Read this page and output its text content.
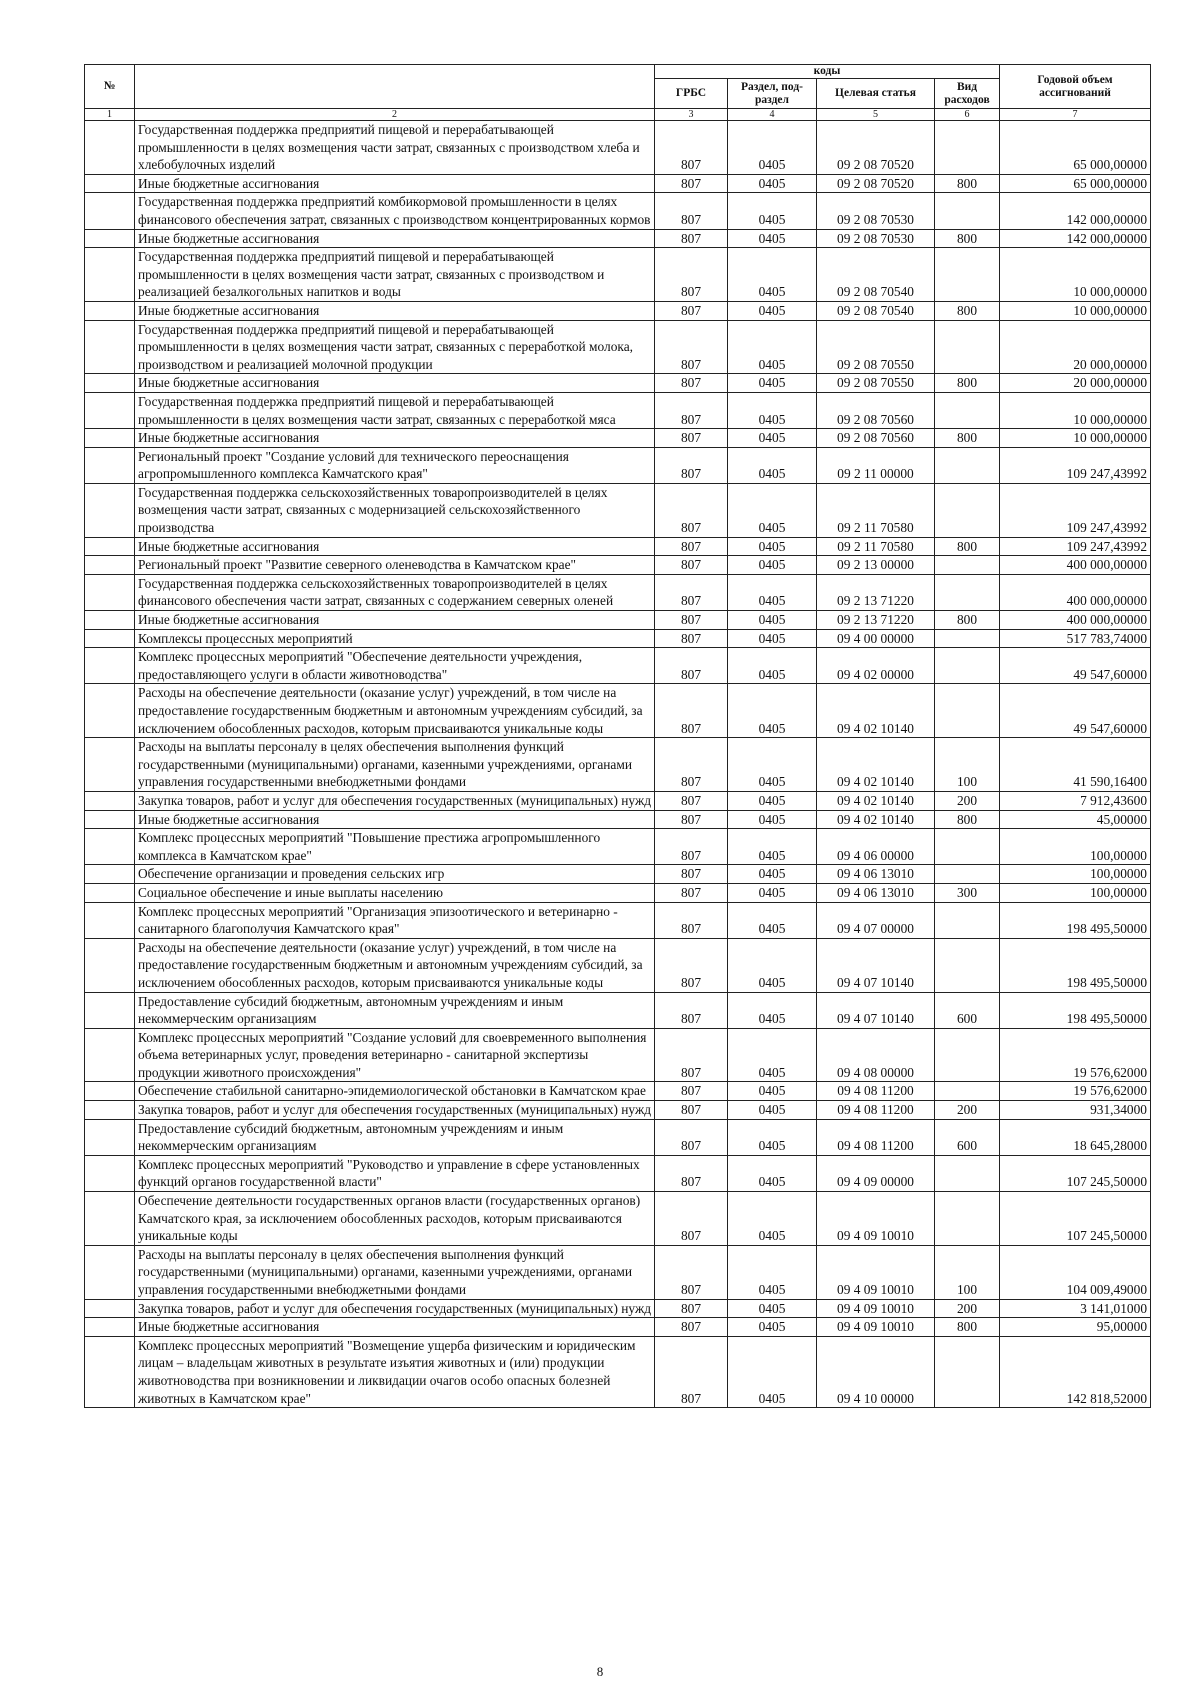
№		коды				Годовой объем ассигнований
		ГРБС	Раздел, под-раздел	Целевая статья	Вид расходов	
1	2	3	4	5	6	7
	Государственная поддержка предприятий пищевой и перерабатывающей промышленности в целях возмещения части затрат, связанных с производством хлеба и хлебобулочных изделий	807	0405	09 2 08 70520		65 000,00000
	Иные бюджетные ассигнования	807	0405	09 2 08 70520	800	65 000,00000
	Государственная поддержка предприятий комбикормовой промышленности в целях финансового обеспечения затрат, связанных с производством концентрированных кормов	807	0405	09 2 08 70530		142 000,00000
	Иные бюджетные ассигнования	807	0405	09 2 08 70530	800	142 000,00000
	Государственная поддержка предприятий пищевой и перерабатывающей промышленности в целях возмещения части затрат, связанных с производством и реализацией безалкогольных напитков и воды	807	0405	09 2 08 70540		10 000,00000
	Иные бюджетные ассигнования	807	0405	09 2 08 70540	800	10 000,00000
	Государственная поддержка предприятий пищевой и перерабатывающей промышленности в целях возмещения части затрат, связанных с переработкой молока, производством и реализацией молочной продукции	807	0405	09 2 08 70550		20 000,00000
	Иные бюджетные ассигнования	807	0405	09 2 08 70550	800	20 000,00000
	Государственная поддержка предприятий пищевой и перерабатывающей промышленности в целях возмещения части затрат, связанных с переработкой мяса	807	0405	09 2 08 70560		10 000,00000
	Иные бюджетные ассигнования	807	0405	09 2 08 70560	800	10 000,00000
	Региональный проект "Создание условий для технического переоснащения агропромышленного комплекса Камчатского края"	807	0405	09 2 11 00000		109 247,43992
	Государственная поддержка сельскохозяйственных товаропроизводителей в целях возмещения части затрат, связанных с модернизацией сельскохозяйственного производства	807	0405	09 2 11 70580		109 247,43992
	Иные бюджетные ассигнования	807	0405	09 2 11 70580	800	109 247,43992
	Региональный проект "Развитие северного оленеводства в Камчатском крае"	807	0405	09 2 13 00000		400 000,00000
	Государственная поддержка сельскохозяйственных товаропроизводителей в целях финансового обеспечения части затрат, связанных с содержанием северных оленей	807	0405	09 2 13 71220		400 000,00000
	Иные бюджетные ассигнования	807	0405	09 2 13 71220	800	400 000,00000
	Комплексы процессных мероприятий	807	0405	09 4 00 00000		517 783,74000
	Комплекс процессных мероприятий "Обеспечение деятельности учреждения, предоставляющего услуги в области животноводства"	807	0405	09 4 02 00000		49 547,60000
	Расходы на обеспечение деятельности (оказание услуг) учреждений, в том числе на предоставление государственным бюджетным и автономным учреждениям субсидий, за исключением обособленных расходов, которым присваиваются уникальные коды	807	0405	09 4 02 10140		49 547,60000
	Расходы на выплаты персоналу в целях обеспечения выполнения функций государственными (муниципальными) органами, казенными учреждениями, органами управления государственными внебюджетными фондами	807	0405	09 4 02 10140	100	41 590,16400
	Закупка товаров, работ и услуг для обеспечения государственных (муниципальных) нужд	807	0405	09 4 02 10140	200	7 912,43600
	Иные бюджетные ассигнования	807	0405	09 4 02 10140	800	45,00000
	Комплекс процессных мероприятий "Повышение престижа агропромышленного комплекса в Камчатском крае"	807	0405	09 4 06 00000		100,00000
	Обеспечение организации и проведения сельских игр	807	0405	09 4 06 13010		100,00000
	Социальное обеспечение и иные выплаты населению	807	0405	09 4 06 13010	300	100,00000
	Комплекс процессных мероприятий "Организация эпизоотического и ветеринарно - санитарного благополучия Камчатского края"	807	0405	09 4 07 00000		198 495,50000
	Расходы на обеспечение деятельности (оказание услуг) учреждений, в том числе на предоставление государственным бюджетным и автономным учреждениям субсидий, за исключением обособленных расходов, которым присваиваются уникальные коды	807	0405	09 4 07 10140		198 495,50000
	Предоставление субсидий бюджетным, автономным учреждениям и иным некоммерческим организациям	807	0405	09 4 07 10140	600	198 495,50000
	Комплекс процессных мероприятий "Создание условий для своевременного выполнения объема ветеринарных услуг, проведения ветеринарно - санитарной экспертизы продукции животного происхождения"	807	0405	09 4 08 00000		19 576,62000
	Обеспечение стабильной санитарно-эпидемиологической обстановки в Камчатском крае	807	0405	09 4 08 11200		19 576,62000
	Закупка товаров, работ и услуг для обеспечения государственных (муниципальных) нужд	807	0405	09 4 08 11200	200	931,34000
	Предоставление субсидий бюджетным, автономным учреждениям и иным некоммерческим организациям	807	0405	09 4 08 11200	600	18 645,28000
	Комплекс процессных мероприятий "Руководство и управление в сфере установленных функций органов государственной власти"	807	0405	09 4 09 00000		107 245,50000
	Обеспечение деятельности государственных органов власти (государственных органов) Камчатского края, за исключением обособленных расходов, которым присваиваются уникальные коды	807	0405	09 4 09 10010		107 245,50000
	Расходы на выплаты персоналу в целях обеспечения выполнения функций государственными (муниципальными) органами, казенными учреждениями, органами управления государственными внебюджетными фондами	807	0405	09 4 09 10010	100	104 009,49000
	Закупка товаров, работ и услуг для обеспечения государственных (муниципальных) нужд	807	0405	09 4 09 10010	200	3 141,01000
	Иные бюджетные ассигнования	807	0405	09 4 09 10010	800	95,00000
	Комплекс процессных мероприятий "Возмещение ущерба физическим и юридическим лицам – владельцам животных в результате изъятия животных и (или) продукции животноводства при возникновении и ликвидации очагов особо опасных болезней животных в Камчатском крае"	807	0405	09 4 10 00000		142 818,52000
8
